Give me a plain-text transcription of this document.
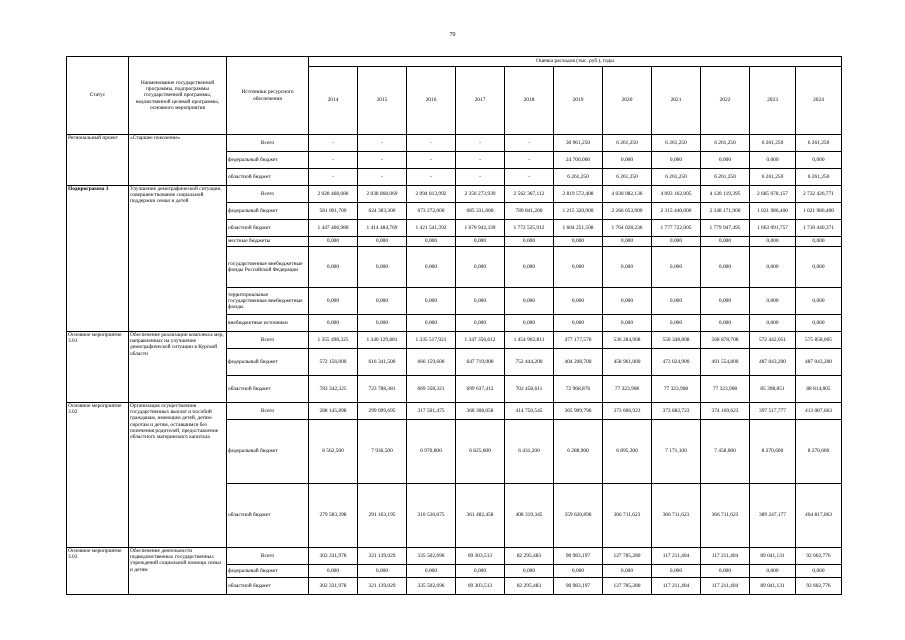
70
Статус	Наименование государственной программы, подпрограммы государственной программы, ведомственной целевой программы, основного мероприятия	Источники ресурсного обеспечения	Оценка расходов (тыс. руб.), годы										
			2014	2015	2016	2017	2018	2019	2020	2021	2022	2023	2024
Региональный проект	«Старшее поколение»	Всего	-	-	-	-	-	30 961,250	6 261,250	6 261,250	6 261,250	6 261,250	6 261,250
		федеральный бюджет	-	-	-	-	-	24 700,000	0,000	0,000	0,000	0,000	0,000
		областной бюджет	-	-	-	-	-	6 261,250	6 261,250	6 261,250	6 261,250	6 261,250	6 261,250
Подпрограмма 3	Улучшение демографической ситуации, совершенствование социальной поддержки семьи и детей	Всего	2 028 468,680	2 038 868,069	2 094 813,992	2 356 273,939	2 562 367,112	2 819 572,408	4 030 082,136	4 093 162,005	4 128 119,395	2 685 078,157	2 732 426,771
		федеральный бюджет	581 001,700	624 383,300	673 272,600	685 331,600	789 841,200	1 215 320,900	2 266 053,900	2 315 440,000	2 348 171,900	1 021 986,400	1 021 986,400
		областной бюджет	1 447 466,980	1 414 484,769	1 421 541,392	1 670 942,339	1 772 525,912	1 604 251,508	1 764 028,236	1 777 722,005	1 779 947,495	1 663 091,757	1 710 440,371
		местные бюджеты	0,000	0,000	0,000	0,000	0,000	0,000	0,000	0,000	0,000	0,000	0,000
		государственные внебюджетные фонды Российской Федерации	0,000	0,000	0,000	0,000	0,000	0,000	0,000	0,000	0,000	0,000	0,000
		территориальные государственные внебюджетные фонды	0,000	0,000	0,000	0,000	0,000	0,000	0,000	0,000	0,000	0,000	0,000
		внебюджетные источники	0,000	0,000	0,000	0,000	0,000	0,000	0,000	0,000	0,000	0,000	0,000
Основное мероприятие 3.01	Обеспечение реализации комплекса мер, направленных на улучшение демографической ситуации в Курской области	Всего	1 355 498,325	1 340 129,881	1 335 517,921	1 347 356,612	1 454 902,811	477 177,576	536 284,908	550 348,808	568 878,708	572 442,051	575 858,005
		федеральный бюджет	572 156,000	616 341,500	666 159,600	647 719,000	752 444,200	404 208,700	458 961,000	473 024,900	491 554,800	487 043,200	487 043,200
		областной бюджет	783 342,325	723 788,381	669 358,321	699 637,412	702 458,611	72 968,876	77 323,908	77 323,908	77 323,908	85 398,851	88 814,805
Основное мероприятие 3.02	Организация осуществления государственных выплат и пособий гражданам, имеющим детей, детям-сиротам и детям, оставшимся без попечения родителей, предоставление областного материнского капитала	Всего	288 145,898	299 099,695	317 501,475	368 308,058	414 750,545	365 909,796	373 606,923	373 882,723	374 169,623	397 517,777	413 087,663
		федеральный бюджет	8 562,500	7 936,500	6 970,800	6 825,600	6 431,200	6 288,900	6 895,300	7 171,100	7 458,000	8 270,600	8 270,600
		областной бюджет	279 583,398	291 163,195	310 530,675	361 482,458	408 319,345	359 620,896	366 711,623	366 711,623	366 711,623	389 247,177	404 817,063
Основное мероприятие 3.03	Обеспечение деятельности подведомственных государственных учреждений социальной помощи семьи и детям	Всего	302 331,978	321 139,029	335 502,696	69 303,513	82 295,483	90 983,197	127 785,280	117 211,404	117 211,404	89 041,131	92 602,776
		федеральный бюджет	0,000	0,000	0,000	0,000	0,000	0,000	0,000	0,000	0,000	0,000	0,000
		областной бюджет	302 331,978	321 139,029	335 502,696	69 303,513	82 295,483	90 983,197	127 785,280	117 211,404	117 211,404	89 041,131	92 602,776
